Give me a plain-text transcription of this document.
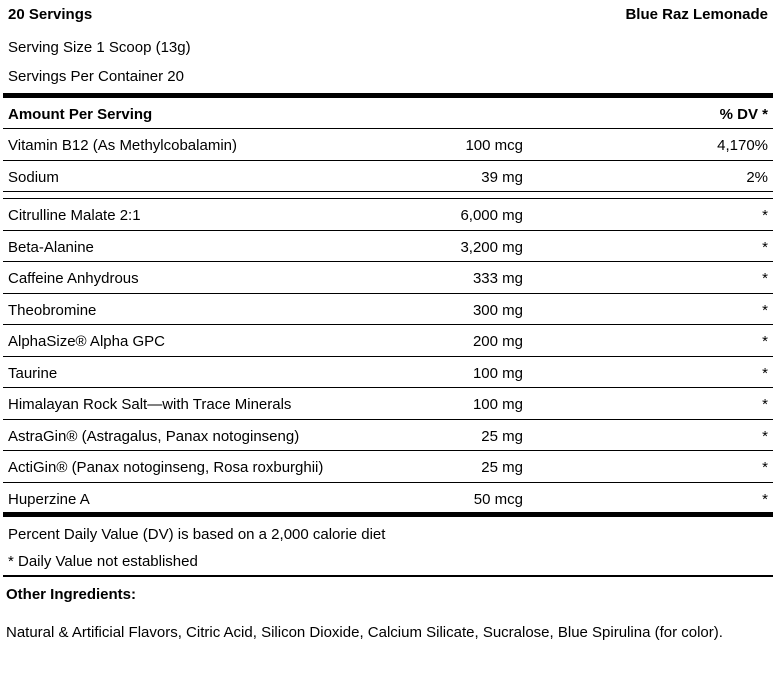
20 Servings	Blue Raz Lemonade
Serving Size 1 Scoop (13g)
Servings Per Container 20
Amount Per Serving	% DV *
Vitamin B12 (As Methylcobalamin)	100 mcg	4,170%
Sodium	39 mg	2%
Citrulline Malate 2:1	6,000 mg	*
Beta-Alanine	3,200 mg	*
Caffeine Anhydrous	333 mg	*
Theobromine	300 mg	*
AlphaSize® Alpha GPC	200 mg	*
Taurine	100 mg	*
Himalayan Rock Salt—with Trace Minerals	100 mg	*
AstraGin® (Astragalus, Panax notoginseng)	25 mg	*
ActiGin® (Panax notoginseng, Rosa roxburghii)	25 mg	*
Huperzine A	50 mcg	*
Percent Daily Value (DV) is based on a 2,000 calorie diet
* Daily Value not established
Other Ingredients:
Natural & Artificial Flavors, Citric Acid, Silicon Dioxide, Calcium Silicate, Sucralose, Blue Spirulina (for color).
